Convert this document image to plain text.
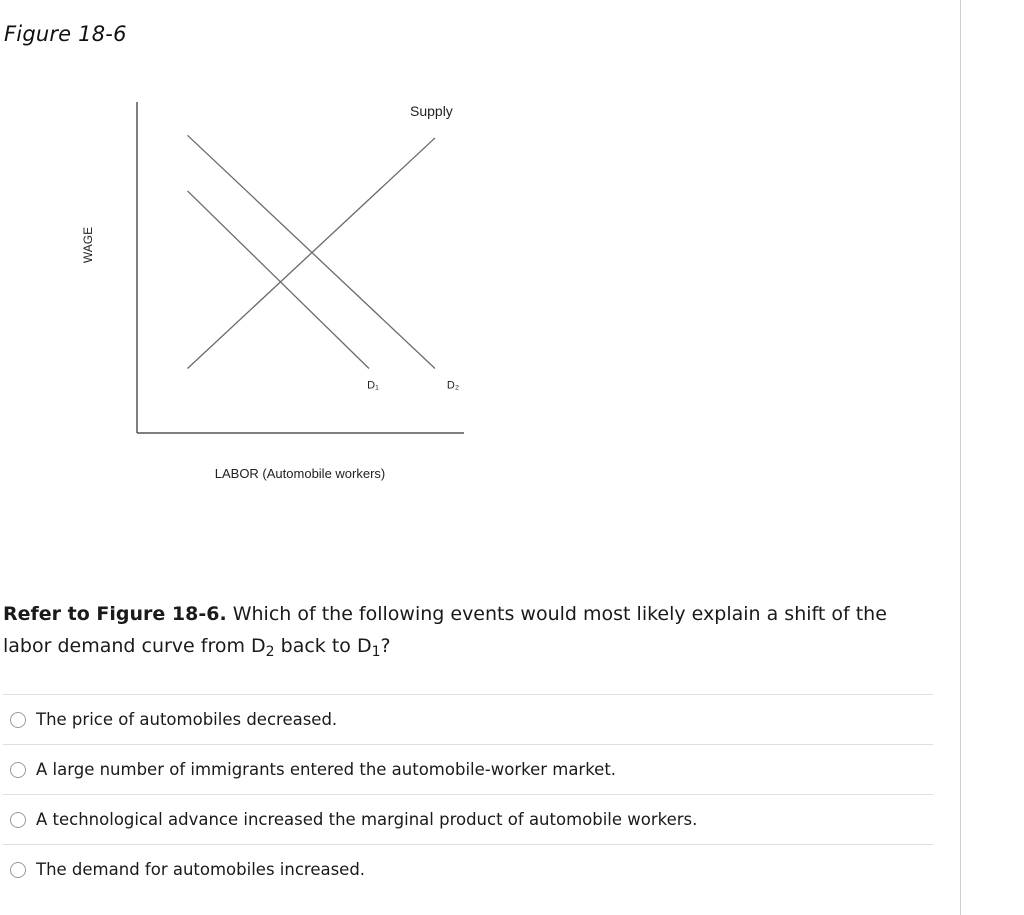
Figure 18-6
WAGE
LABOR (Automobile workers)
Supply
D₁	D₂
Refer to Figure 18-6. Which of the following events would most likely explain a shift of the labor demand curve from $D_2$ back to $D_1$?
The price of automobiles decreased.
A large number of immigrants entered the automobile-worker market.
A technological advance increased the marginal product of automobile workers.
The demand for automobiles increased.
